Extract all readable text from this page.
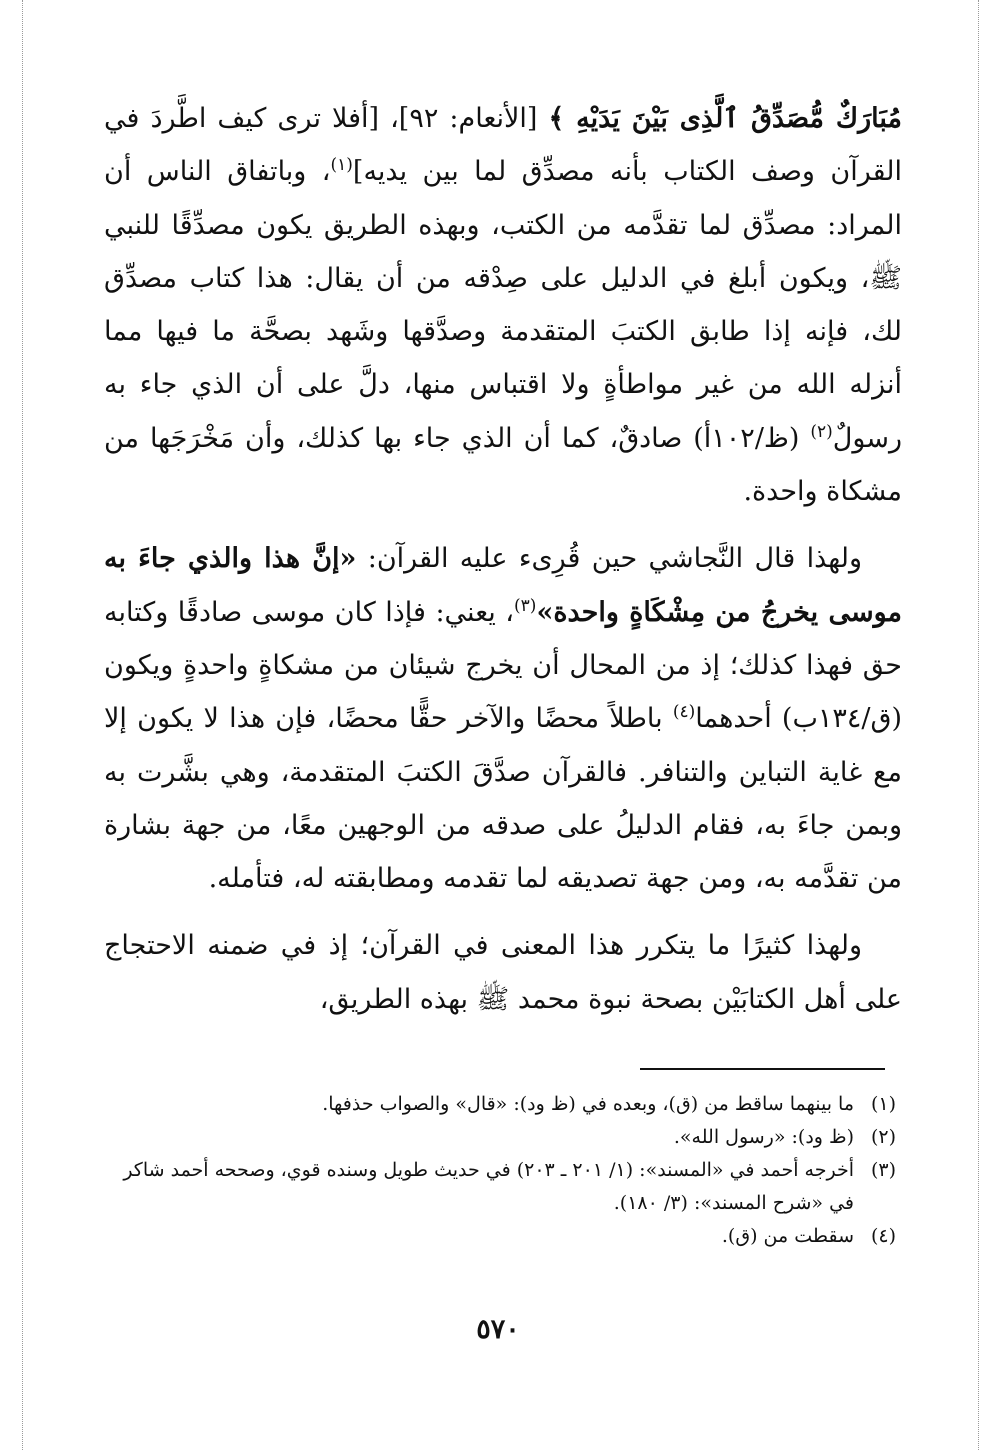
مُبَارَكٌ مُّصَدِّقُ ٱلَّذِى بَيْنَ يَدَيْهِ ﴾ [الأنعام: ٩٢]، [أفلا ترى كيف اطَّردَ في القرآن وصف الكتاب بأنه مصدِّق لما بين يديه]$^{(١)}$، وباتفاق الناس أن المراد: مصدِّق لما تقدَّمه من الكتب، وبهذه الطريق يكون مصدِّقًا للنبي ﷺ، ويكون أبلغ في الدليل على صِدْقه من أن يقال: هذا كتاب مصدِّق لك، فإنه إذا طابق الكتبَ المتقدمة وصدَّقها وشَهد بصحَّة ما فيها مما أنزله الله من غير مواطأةٍ ولا اقتباس منها، دلَّ على أن الذي جاء به رسولٌ$^{(٢)}$ (ظ/١٠٢أ) صادقٌ، كما أن الذي جاء بها كذلك، وأن مَخْرَجَها من مشكاة واحدة.

ولهذا قال النَّجاشي حين قُرِىء عليه القرآن: «إنَّ هذا والذي جاءَ به موسى يخرجُ من مِشْكَاةٍ واحدة»$^{(٣)}$، يعني: فإذا كان موسى صادقًا وكتابه حق فهذا كذلك؛ إذ من المحال أن يخرج شيئان من مشكاةٍ واحدةٍ ويكون (ق/١٣٤ب) أحدهما$^{(٤)}$ باطلاً محضًا والآخر حقًّا محضًا، فإن هذا لا يكون إلا مع غاية التباين والتنافر. فالقرآن صدَّقَ الكتبَ المتقدمة، وهي بشَّرت به وبمن جاءَ به، فقام الدليلُ على صدقه من الوجهين معًا، من جهة بشارة من تقدَّمه به، ومن جهة تصديقه لما تقدمه ومطابقته له، فتأمله.

ولهذا كثيرًا ما يتكرر هذا المعنى في القرآن؛ إذ في ضمنه الاحتجاج على أهل الكتابَيْن بصحة نبوة محمد ﷺ بهذه الطريق،

(١)
ما بينهما ساقط من (ق)، وبعده في (ظ ود): «قال» والصواب حذفها.
(٢)
(ظ ود): «رسول الله».
(٣)
أخرجه أحمد في «المسند»: (١/ ٢٠١ ـ ٢٠٣) في حديث طويل وسنده قوي، وصححه أحمد شاكر في «شرح المسند»: (٣/ ١٨٠).
(٤)
سقطت من (ق).
٥٧٠
